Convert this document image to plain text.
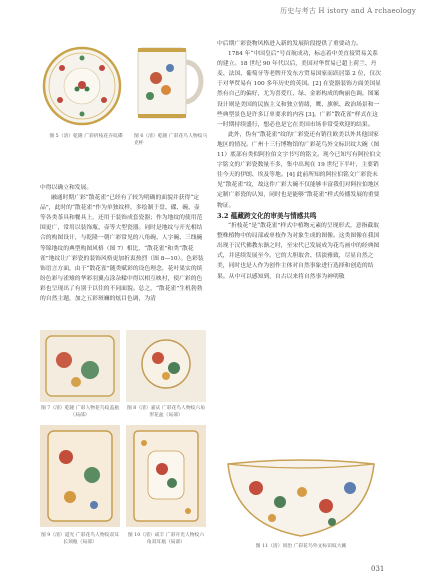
历史与考古 H istory and A rchaeology
图 5（清）乾隆 广彩折枝花卉纹碟	图 6（清）乾隆 广彩花鸟人物纹马克杯

中得以确立和发展。

融通时期广彩“散花雀”已经有了较为明确的面貌并获得“定品”，此时的“散花雀”作为单独纹样，多绘制于盘、碟、碗、壶等各类茶具和餐具上，还用于装饰成套瓷器；作为地纹的使用范围更广，常用以装饰瓶、壶等大型瓷器。同时是地纹与开光相结合的构图设计，与乾隆一朝广彩常见的八角碗、人字碗、三线碗等锦地纹的典型构图风格（图 7）相比，“散花雀”和类“散花雀”地纹让广彩瓷的装饰风格更加折衷热烈（图 8—10）。色彩装饰语言方面，由于“散花雀”随类赋彩的设色理念，花叶果实的缤纷色彩与雀雉的华彩羽翼点涂杂糅中得以相互映衬，使广彩的色彩也呈现出了有别于以往的不同面貌。总之，“散花雀”生机勃勃的自然主题，加之五彩斑斓的炫目色调，为清

图 7（清）乾隆 广彩人物花鸟纹盖瓶（局部）
图 8（清）嘉庆 广彩花鸟人物纹六角形花盆（局部）
图 9（清）道光 广彩花鸟人物纹双耳长颈瓶（局部）
图 10（清）咸丰 广彩开光人物纹六角双耳瓶（局部）

中后期广彩瓷物风格进入新的发展阶段提供了重要动力。

1784 年“中国皇后”号首航成功，标志着中美直接贸易关系的建立。18 世纪 90 年代以后，美国对华贸易已超上荷兰、丹麦、法国、葡萄牙等老牌开发东方贸易国家而跃居第 2 位，仅次于对华贸易有 100 多年历史的英国。[2] 在瓷器装饰方面美国显然有自己的偏好，尤为喜爱红、绿、金彩构成的绚丽色调。图案设计则是美国的民族主义和独立情绪，鹰、旗帜、政治场景和一些典型景色是许多订单要求的内容 [3]。广彩“散花雀”样式在这一时期持续盛行，想必也是它在美国市场非常受欢迎的结果。

此外，伪有“散花雀”纹的广彩瓷还有销往欧美以外其他国家地区的情况。广州十三行博物馆的广彩花鸟外文标识纹大碗（图 11）底部有类似阿拉伯文字书写的铭文。现今已知写有阿拉伯文字铭文的广彩瓷数量不多，集中出现在 19 世纪下半叶，主要销往今天的伊朗、埃及等地。[4] 此前所知的阿拉伯铭文广彩瓷未见“散花雀”纹，故这件广彩大碗不仅能够丰富我们对阿拉伯地区定制广彩瓷的认知，同时也是能够“散花雀”样式传播发展的重要物证。

3.2 蕴藏跨文化的审美与情感共鸣

“折枝花”是“散花雀”样式中植物元素的呈现形式，意指截取整株植物中的局部或单枝作为对象生成的图像。这类图像在我国出现于汉代佛教东渐之时，至宋代已发展成为花鸟画中的经典图式，并延续发展至今。它的大胆取舍、恬淡雅致，尽显自然之美，同时也是人作为创作主体对自然事象进行选择和创造的结果。从中可以感知到，自古以来将自然事为神明敬

图 11（清）同治 广彩花鸟外文标识纹大碗
031
